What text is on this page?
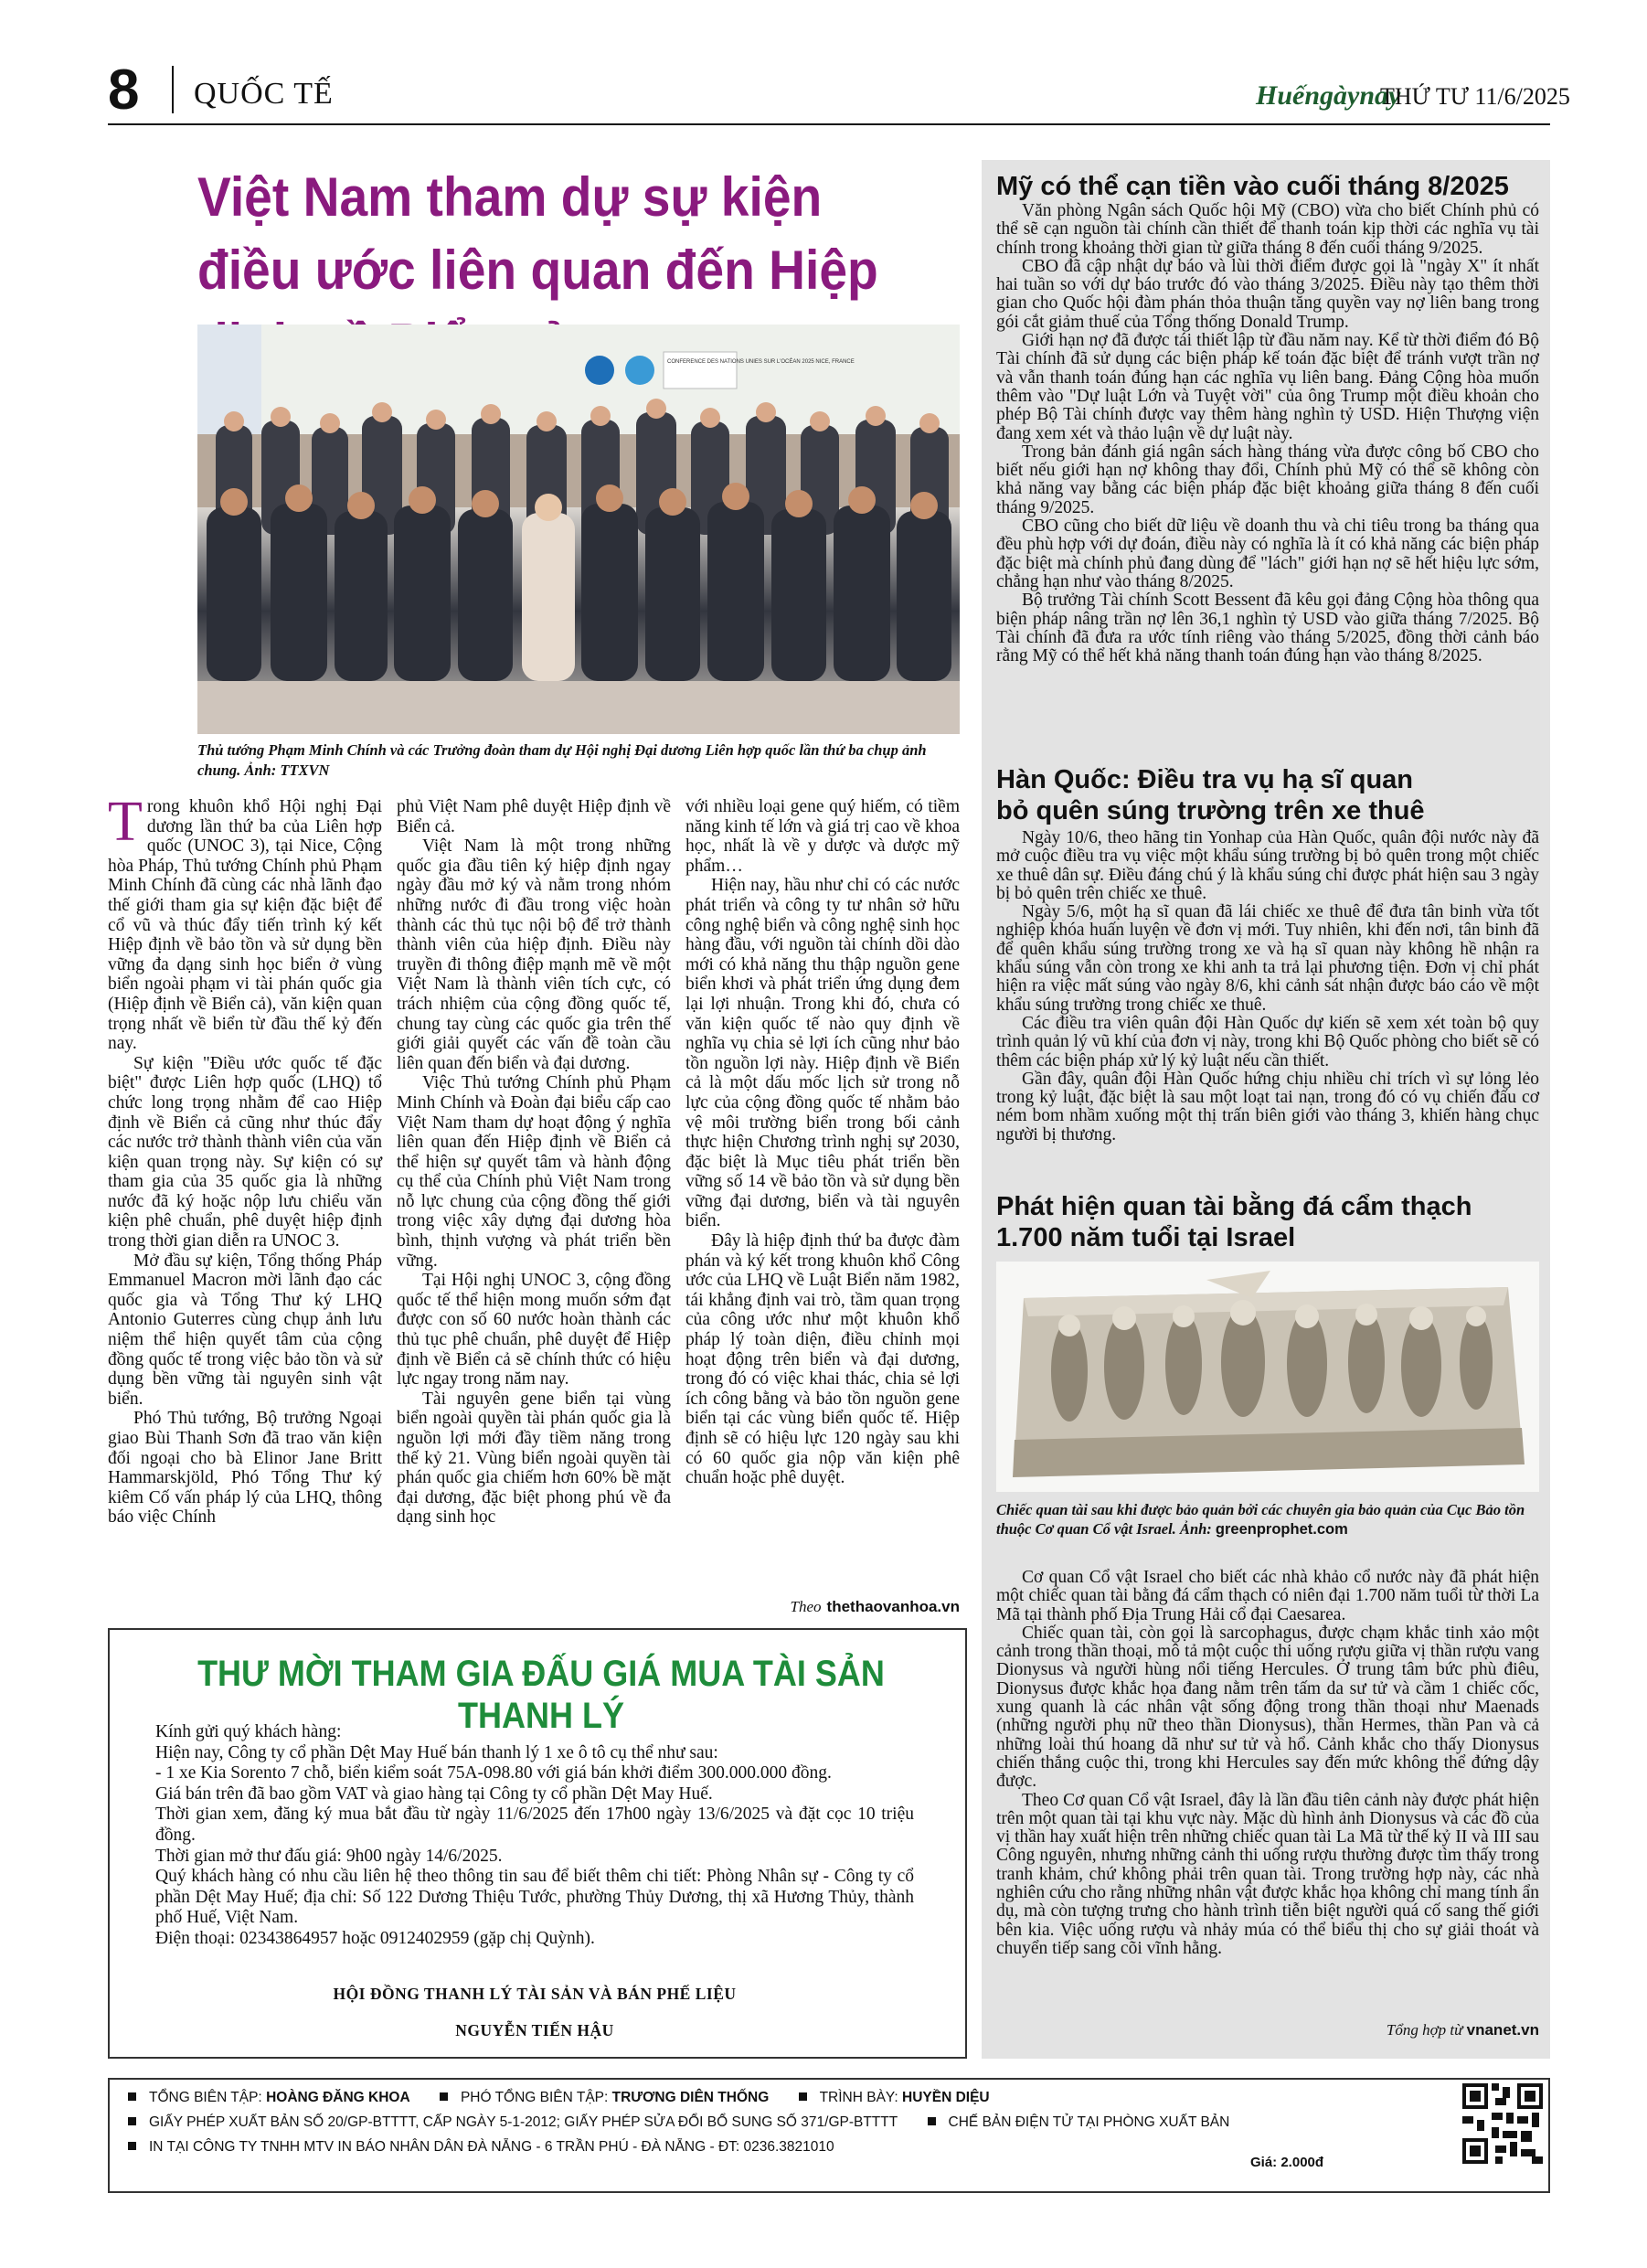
8 QUỐC TẾ	Huếngàynay
THỨ TƯ 11/6/2025
Việt Nam tham dự sự kiện điều ước liên quan đến Hiệp
CONFERENCE DES NATIONS UNIES SUR L'OCÉAN 2025 NICE, FRANCE
Thủ tướng Phạm Minh Chính và các Trưởng đoàn tham dự Hội nghị Đại dương Liên hợp quốc lần thứ ba chụp ảnh chung. Ảnh: TTXVN

Trong khuôn khổ Hội nghị Đại dương lần thứ ba của Liên hợp quốc (UNOC 3), tại Nice, Cộng hòa Pháp, Thủ tướng Chính phủ Phạm Minh Chính đã cùng các nhà lãnh đạo thế giới tham gia sự kiện đặc biệt để cổ vũ và thúc đẩy tiến trình ký kết Hiệp định về bảo tồn và sử dụng bền vững đa dạng sinh học biển ở vùng biển ngoài phạm vi tài phán quốc gia (Hiệp định về Biển cả), văn kiện quan trọng nhất về biển từ đầu thế kỷ đến nay.

Sự kiện "Điều ước quốc tế đặc biệt" được Liên hợp quốc (LHQ) tổ chức long trọng nhằm để cao Hiệp định về Biển cả cũng như thúc đẩy các nước trở thành thành viên của văn kiện quan trọng này. Sự kiện có sự tham gia của 35 quốc gia là những nước đã ký hoặc nộp lưu chiểu văn kiện phê chuẩn, phê duyệt hiệp định trong thời gian diễn ra UNOC 3.

Mở đầu sự kiện, Tổng thống Pháp Emmanuel Macron mời lãnh đạo các quốc gia và Tổng Thư ký LHQ Antonio Guterres cùng chụp ảnh lưu niệm thể hiện quyết tâm của cộng đồng quốc tế trong việc bảo tồn và sử dụng bền vững tài nguyên sinh vật biển.

Phó Thủ tướng, Bộ trưởng Ngoại giao Bùi Thanh Sơn đã trao văn kiện đối ngoại cho bà Elinor Jane Britt Hammarskjöld, Phó Tổng Thư ký kiêm Cố vấn pháp lý của LHQ, thông báo việc Chính

phủ Việt Nam phê duyệt Hiệp định về Biển cả.

Việt Nam là một trong những quốc gia đầu tiên ký hiệp định ngay ngày đầu mở ký và nằm trong nhóm những nước đi đầu trong việc hoàn thành các thủ tục nội bộ để trở thành thành viên của hiệp định. Điều này truyền đi thông điệp mạnh mẽ về một Việt Nam là thành viên tích cực, có trách nhiệm của cộng đồng quốc tế, chung tay cùng các quốc gia trên thế giới giải quyết các vấn đề toàn cầu liên quan đến biển và đại dương.

Việc Thủ tướng Chính phủ Phạm Minh Chính và Đoàn đại biểu cấp cao Việt Nam tham dự hoạt động ý nghĩa liên quan đến Hiệp định về Biển cả thể hiện sự quyết tâm và hành động cụ thể của Chính phủ Việt Nam trong nỗ lực chung của cộng đồng thế giới trong việc xây dựng đại dương hòa bình, thịnh vượng và phát triển bền vững.

Tại Hội nghị UNOC 3, cộng đồng quốc tế thể hiện mong muốn sớm đạt được con số 60 nước hoàn thành các thủ tục phê chuẩn, phê duyệt để Hiệp định về Biển cả sẽ chính thức có hiệu lực ngay trong năm nay.

Tài nguyên gene biển tại vùng biển ngoài quyền tài phán quốc gia là nguồn lợi mới đầy tiềm năng trong thế kỷ 21. Vùng biển ngoài quyền tài phán quốc gia chiếm hơn 60% bề mặt đại dương, đặc biệt phong phú về đa dạng sinh học

với nhiều loại gene quý hiếm, có tiềm năng kinh tế lớn và giá trị cao về khoa học, nhất là về y dược và dược mỹ phẩm…

Hiện nay, hầu như chỉ có các nước phát triển và công ty tư nhân sở hữu công nghệ biển và công nghệ sinh học hàng đầu, với nguồn tài chính dồi dào mới có khả năng thu thập nguồn gene biển khơi và phát triển ứng dụng đem lại lợi nhuận. Trong khi đó, chưa có văn kiện quốc tế nào quy định về nghĩa vụ chia sẻ lợi ích cũng như bảo tồn nguồn lợi này. Hiệp định về Biển cả là một dấu mốc lịch sử trong nỗ lực của cộng đồng quốc tế nhằm bảo vệ môi trường biển trong bối cảnh thực hiện Chương trình nghị sự 2030, đặc biệt là Mục tiêu phát triển bền vững số 14 về bảo tồn và sử dụng bền vững đại dương, biển và tài nguyên biển.

Đây là hiệp định thứ ba được đàm phán và ký kết trong khuôn khổ Công ước của LHQ về Luật Biển năm 1982, tái khẳng định vai trò, tầm quan trọng của công ước như một khuôn khổ pháp lý toàn diện, điều chỉnh mọi hoạt động trên biển và đại dương, trong đó có việc khai thác, chia sẻ lợi ích công bằng và bảo tồn nguồn gene biển tại các vùng biển quốc tế. Hiệp định sẽ có hiệu lực 120 ngày sau khi có 60 quốc gia nộp văn kiện phê chuẩn hoặc phê duyệt.

Theo thethaovanhoa.vn
Mỹ có thể cạn tiền vào cuối tháng 8/2025

Văn phòng Ngân sách Quốc hội Mỹ (CBO) vừa cho biết Chính phủ có thể sẽ cạn nguồn tài chính cần thiết để thanh toán kịp thời các nghĩa vụ tài chính trong khoảng thời gian từ giữa tháng 8 đến cuối tháng 9/2025.

CBO đã cập nhật dự báo và lùi thời điểm được gọi là "ngày X" ít nhất hai tuần so với dự báo trước đó vào tháng 3/2025. Điều này tạo thêm thời gian cho Quốc hội đàm phán thỏa thuận tăng quyền vay nợ liên bang trong gói cắt giảm thuế của Tổng thống Donald Trump.

Giới hạn nợ đã được tái thiết lập từ đầu năm nay. Kể từ thời điểm đó Bộ Tài chính đã sử dụng các biện pháp kế toán đặc biệt để tránh vượt trần nợ và vẫn thanh toán đúng hạn các nghĩa vụ liên bang. Đảng Cộng hòa muốn thêm vào "Dự luật Lớn và Tuyệt vời" của ông Trump một điều khoản cho phép Bộ Tài chính được vay thêm hàng nghìn tỷ USD. Hiện Thượng viện đang xem xét và thảo luận về dự luật này.

Trong bản đánh giá ngân sách hàng tháng vừa được công bố CBO cho biết nếu giới hạn nợ không thay đổi, Chính phủ Mỹ có thể sẽ không còn khả năng vay bằng các biện pháp đặc biệt khoảng giữa tháng 8 đến cuối tháng 9/2025.

CBO cũng cho biết dữ liệu về doanh thu và chi tiêu trong ba tháng qua đều phù hợp với dự đoán, điều này có nghĩa là ít có khả năng các biện pháp đặc biệt mà chính phủ đang dùng để "lách" giới hạn nợ sẽ hết hiệu lực sớm, chẳng hạn như vào tháng 8/2025.

Bộ trưởng Tài chính Scott Bessent đã kêu gọi đảng Cộng hòa thông qua biện pháp nâng trần nợ lên 36,1 nghìn tỷ USD vào giữa tháng 7/2025. Bộ Tài chính đã đưa ra ước tính riêng vào tháng 5/2025, đồng thời cảnh báo rằng Mỹ có thể hết khả năng thanh toán đúng hạn vào tháng 8/2025.

Hàn Quốc: Điều tra vụ hạ sĩ quan bỏ quên súng trường trên xe thuê

Ngày 10/6, theo hãng tin Yonhap của Hàn Quốc, quân đội nước này đã mở cuộc điều tra vụ việc một khẩu súng trường bị bỏ quên trong một chiếc xe thuê dân sự. Điều đáng chú ý là khẩu súng chỉ được phát hiện sau 3 ngày bị bỏ quên trên chiếc xe thuê.

Ngày 5/6, một hạ sĩ quan đã lái chiếc xe thuê để đưa tân binh vừa tốt nghiệp khóa huấn luyện về đơn vị mới. Tuy nhiên, khi đến nơi, tân binh đã để quên khẩu súng trường trong xe và hạ sĩ quan này không hề nhận ra khẩu súng vẫn còn trong xe khi anh ta trả lại phương tiện. Đơn vị chỉ phát hiện ra việc mất súng vào ngày 8/6, khi cảnh sát nhận được báo cáo về một khẩu súng trường trong chiếc xe thuê.

Các điều tra viên quân đội Hàn Quốc dự kiến sẽ xem xét toàn bộ quy trình quản lý vũ khí của đơn vị này, trong khi Bộ Quốc phòng cho biết sẽ có thêm các biện pháp xử lý kỷ luật nếu cần thiết.

Gần đây, quân đội Hàn Quốc hứng chịu nhiều chỉ trích vì sự lỏng lẻo trong kỷ luật, đặc biệt là sau một loạt tai nạn, trong đó có vụ chiến đấu cơ ném bom nhầm xuống một thị trấn biên giới vào tháng 3, khiến hàng chục người bị thương.

Phát hiện quan tài bằng đá cẩm thạch 1.700 năm tuổi tại Israel
Chiếc quan tài sau khi được bảo quản bởi các chuyên gia bảo quản của Cục Bảo tồn thuộc Cơ quan Cổ vật Israel. Ảnh: greenprophet.com

Cơ quan Cổ vật Israel cho biết các nhà khảo cổ nước này đã phát hiện một chiếc quan tài bằng đá cẩm thạch có niên đại 1.700 năm tuổi từ thời La Mã tại thành phố Địa Trung Hải cổ đại Caesarea.

Chiếc quan tài, còn gọi là sarcophagus, được chạm khắc tinh xảo một cảnh trong thần thoại, mô tả một cuộc thi uống rượu giữa vị thần rượu vang Dionysus và người hùng nổi tiếng Hercules. Ở trung tâm bức phù điêu, Dionysus được khắc họa đang nằm trên tấm da sư tử và cầm 1 chiếc cốc, xung quanh là các nhân vật sống động trong thần thoại như Maenads (những người phụ nữ theo thần Dionysus), thần Hermes, thần Pan và cả những loài thú hoang dã như sư tử và hổ. Cảnh khắc cho thấy Dionysus chiến thắng cuộc thi, trong khi Hercules say đến mức không thể đứng dậy được.

Theo Cơ quan Cổ vật Israel, đây là lần đầu tiên cảnh này được phát hiện trên một quan tài tại khu vực này. Mặc dù hình ảnh Dionysus và các đồ của vị thần hay xuất hiện trên những chiếc quan tài La Mã từ thế kỷ II và III sau Công nguyên, nhưng những cảnh thi uống rượu thường được tìm thấy trong tranh khảm, chứ không phải trên quan tài. Trong trường hợp này, các nhà nghiên cứu cho rằng những nhân vật được khắc họa không chỉ mang tính ẩn dụ, mà còn tượng trưng cho hành trình tiễn biệt người quá cố sang thế giới bên kia. Việc uống rượu và nhảy múa có thể biểu thị cho sự giải thoát và chuyển tiếp sang cõi vĩnh hằng.

Tổng hợp từ vnanet.vn
THƯ MỜI THAM GIA ĐẤU GIÁ MUA TÀI SẢN THANH LÝ

Kính gửi quý khách hàng:

Hiện nay, Công ty cổ phần Dệt May Huế bán thanh lý 1 xe ô tô cụ thể như sau:

- 1 xe Kia Sorento 7 chỗ, biển kiểm soát 75A-098.80 với giá bán khởi điểm 300.000.000 đồng.

Giá bán trên đã bao gồm VAT và giao hàng tại Công ty cổ phần Dệt May Huế.

Thời gian xem, đăng ký mua bắt đầu từ ngày 11/6/2025 đến 17h00 ngày 13/6/2025 và đặt cọc 10 triệu đồng.

Thời gian mở thư đấu giá: 9h00 ngày 14/6/2025.

Quý khách hàng có nhu cầu liên hệ theo thông tin sau để biết thêm chi tiết: Phòng Nhân sự - Công ty cổ phần Dệt May Huế; địa chỉ: Số 122 Dương Thiệu Tước, phường Thủy Dương, thị xã Hương Thủy, thành phố Huế, Việt Nam.

Điện thoại: 02343864957 hoặc 0912402959 (gặp chị Quỳnh).

HỘI ĐỒNG THANH LÝ TÀI SẢN VÀ BÁN PHẾ LIỆU
NGUYỄN TIẾN HẬU
TỔNG BIÊN TẬP: HOÀNG ĐĂNG KHOA	PHÓ TỔNG BIÊN TẬP: TRƯƠNG DIÊN THỐNG	TRÌNH BÀY: HUYỀN DIỆU
GIẤY PHÉP XUẤT BẢN SỐ 20/GP-BTTTT, CẤP NGÀY 5-1-2012; GIẤY PHÉP SỬA ĐỔI BỔ SUNG SỐ 371/GP-BTTTT	CHẾ BẢN ĐIỆN TỬ TẠI PHÒNG XUẤT BẢN
IN TẠI CÔNG TY TNHH MTV IN BÁO NHÂN DÂN ĐÀ NẴNG - 6 TRẦN PHÚ - ĐÀ NẴNG - ĐT: 0236.3821010
Giá: 2.000đ
